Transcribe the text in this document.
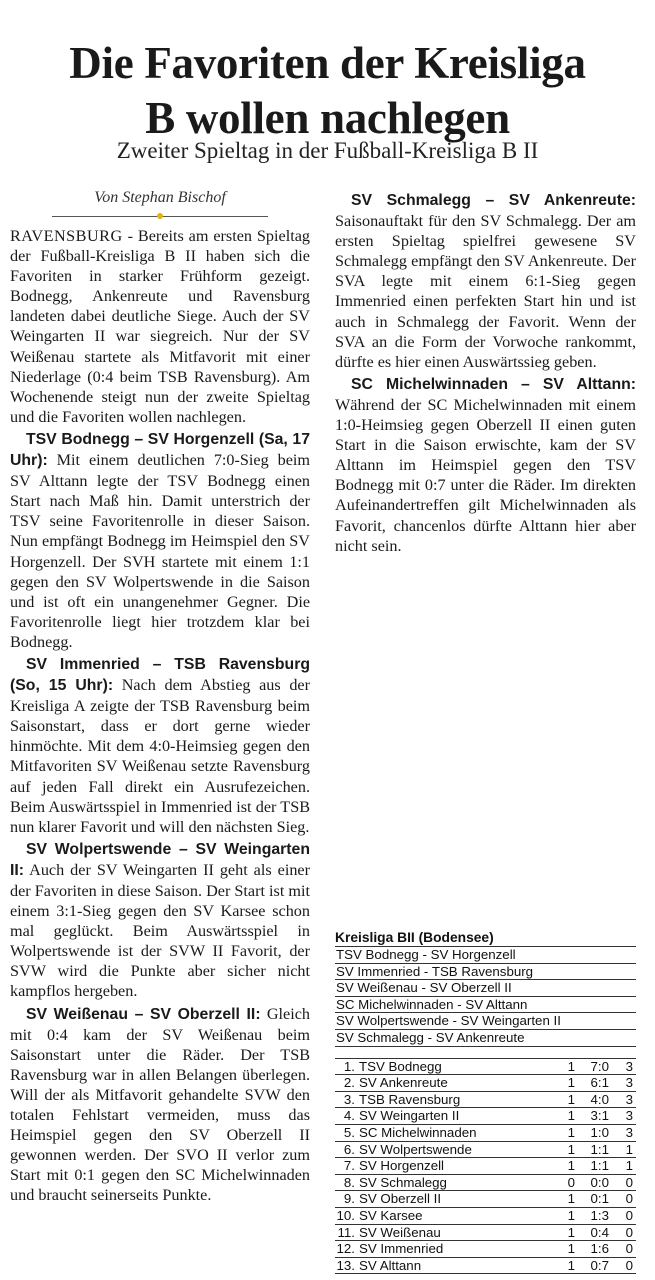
Die Favoriten der Kreisliga
B wollen nachlegen
Zweiter Spieltag in der Fußball-Kreisliga B II

Von Stephan Bischof

RAVENSBURG - Bereits am ersten Spieltag der Fußball-Kreisliga B II haben sich die Favoriten in starker Frühform gezeigt. Bodnegg, Ankenreute und Ravensburg landeten dabei deutliche Siege. Auch der SV Weingarten II war siegreich. Nur der SV Weißenau startete als Mitfavorit mit einer Niederlage (0:4 beim TSB Ravensburg). Am Wochenende steigt nun der zweite Spieltag und die Favoriten wollen nachlegen.

TSV Bodnegg – SV Horgenzell (Sa, 17 Uhr): Mit einem deutlichen 7:0-Sieg beim SV Alttann legte der TSV Bodnegg einen Start nach Maß hin. Damit unterstrich der TSV seine Favoritenrolle in dieser Saison. Nun empfängt Bodnegg im Heimspiel den SV Horgenzell. Der SVH startete mit einem 1:1 gegen den SV Wolpertswende in die Saison und ist oft ein unangenehmer Gegner. Die Favoritenrolle liegt hier trotzdem klar bei Bodnegg.

SV Immenried – TSB Ravensburg (So, 15 Uhr): Nach dem Abstieg aus der Kreisliga A zeigte der TSB Ravensburg beim Saisonstart, dass er dort gerne wieder hinmöchte. Mit dem 4:0-Heimsieg gegen den Mitfavoriten SV Weißenau setzte Ravensburg auf jeden Fall direkt ein Ausrufezeichen. Beim Auswärtsspiel in Immenried ist der TSB nun klarer Favorit und will den nächsten Sieg.

SV Wolpertswende – SV Weingarten II: Auch der SV Weingarten II geht als einer der Favoriten in diese Saison. Der Start ist mit einem 3:1-Sieg gegen den SV Karsee schon mal geglückt. Beim Auswärtsspiel in Wolpertswende ist der SVW II Favorit, der SVW wird die Punkte aber sicher nicht kampflos hergeben.

SV Weißenau – SV Oberzell II: Gleich mit 0:4 kam der SV Weißenau beim Saisonstart unter die Räder. Der TSB Ravensburg war in allen Belangen überlegen. Will der als Mitfavorit gehandelte SVW den totalen Fehlstart vermeiden, muss das Heimspiel gegen den SV Oberzell II gewonnen werden. Der SVO II verlor zum Start mit 0:1 gegen den SC Michelwinnaden und braucht seinerseits Punkte.

SV Schmalegg – SV Ankenreute: Saisonauftakt für den SV Schmalegg. Der am ersten Spieltag spielfrei gewesene SV Schmalegg empfängt den SV Ankenreute. Der SVA legte mit einem 6:1-Sieg gegen Immenried einen perfekten Start hin und ist auch in Schmalegg der Favorit. Wenn der SVA an die Form der Vorwoche rankommt, dürfte es hier einen Auswärtssieg geben.

SC Michelwinnaden – SV Alttann: Während der SC Michelwinnaden mit einem 1:0-Heimsieg gegen Oberzell II einen guten Start in die Saison erwischte, kam der SV Alttann im Heimspiel gegen den TSV Bodnegg mit 0:7 unter die Räder. Im direkten Aufeinandertreffen gilt Michelwinnaden als Favorit, chancenlos dürfte Alttann hier aber nicht sein.

Kreisliga BII (Bodensee)
TSV Bodnegg - SV Horgenzell
SV Immenried - TSB Ravensburg
SV Weißenau - SV Oberzell II
SC Michelwinnaden - SV Alttann
SV Wolpertswende - SV Weingarten II
SV Schmalegg - SV Ankenreute
1. TSV Bodnegg	1	7:0	3
2. SV Ankenreute	1	6:1	3
3. TSB Ravensburg	1	4:0	3
4. SV Weingarten II	1	3:1	3
5. SC Michelwinnaden	1	1:0	3
6. SV Wolpertswende	1	1:1	1
7. SV Horgenzell	1	1:1	1
8. SV Schmalegg	0	0:0	0
9. SV Oberzell II	1	0:1	0
10. SV Karsee	1	1:3	0
11. SV Weißenau	1	0:4	0
12. SV Immenried	1	1:6	0
13. SV Alttann	1	0:7	0
